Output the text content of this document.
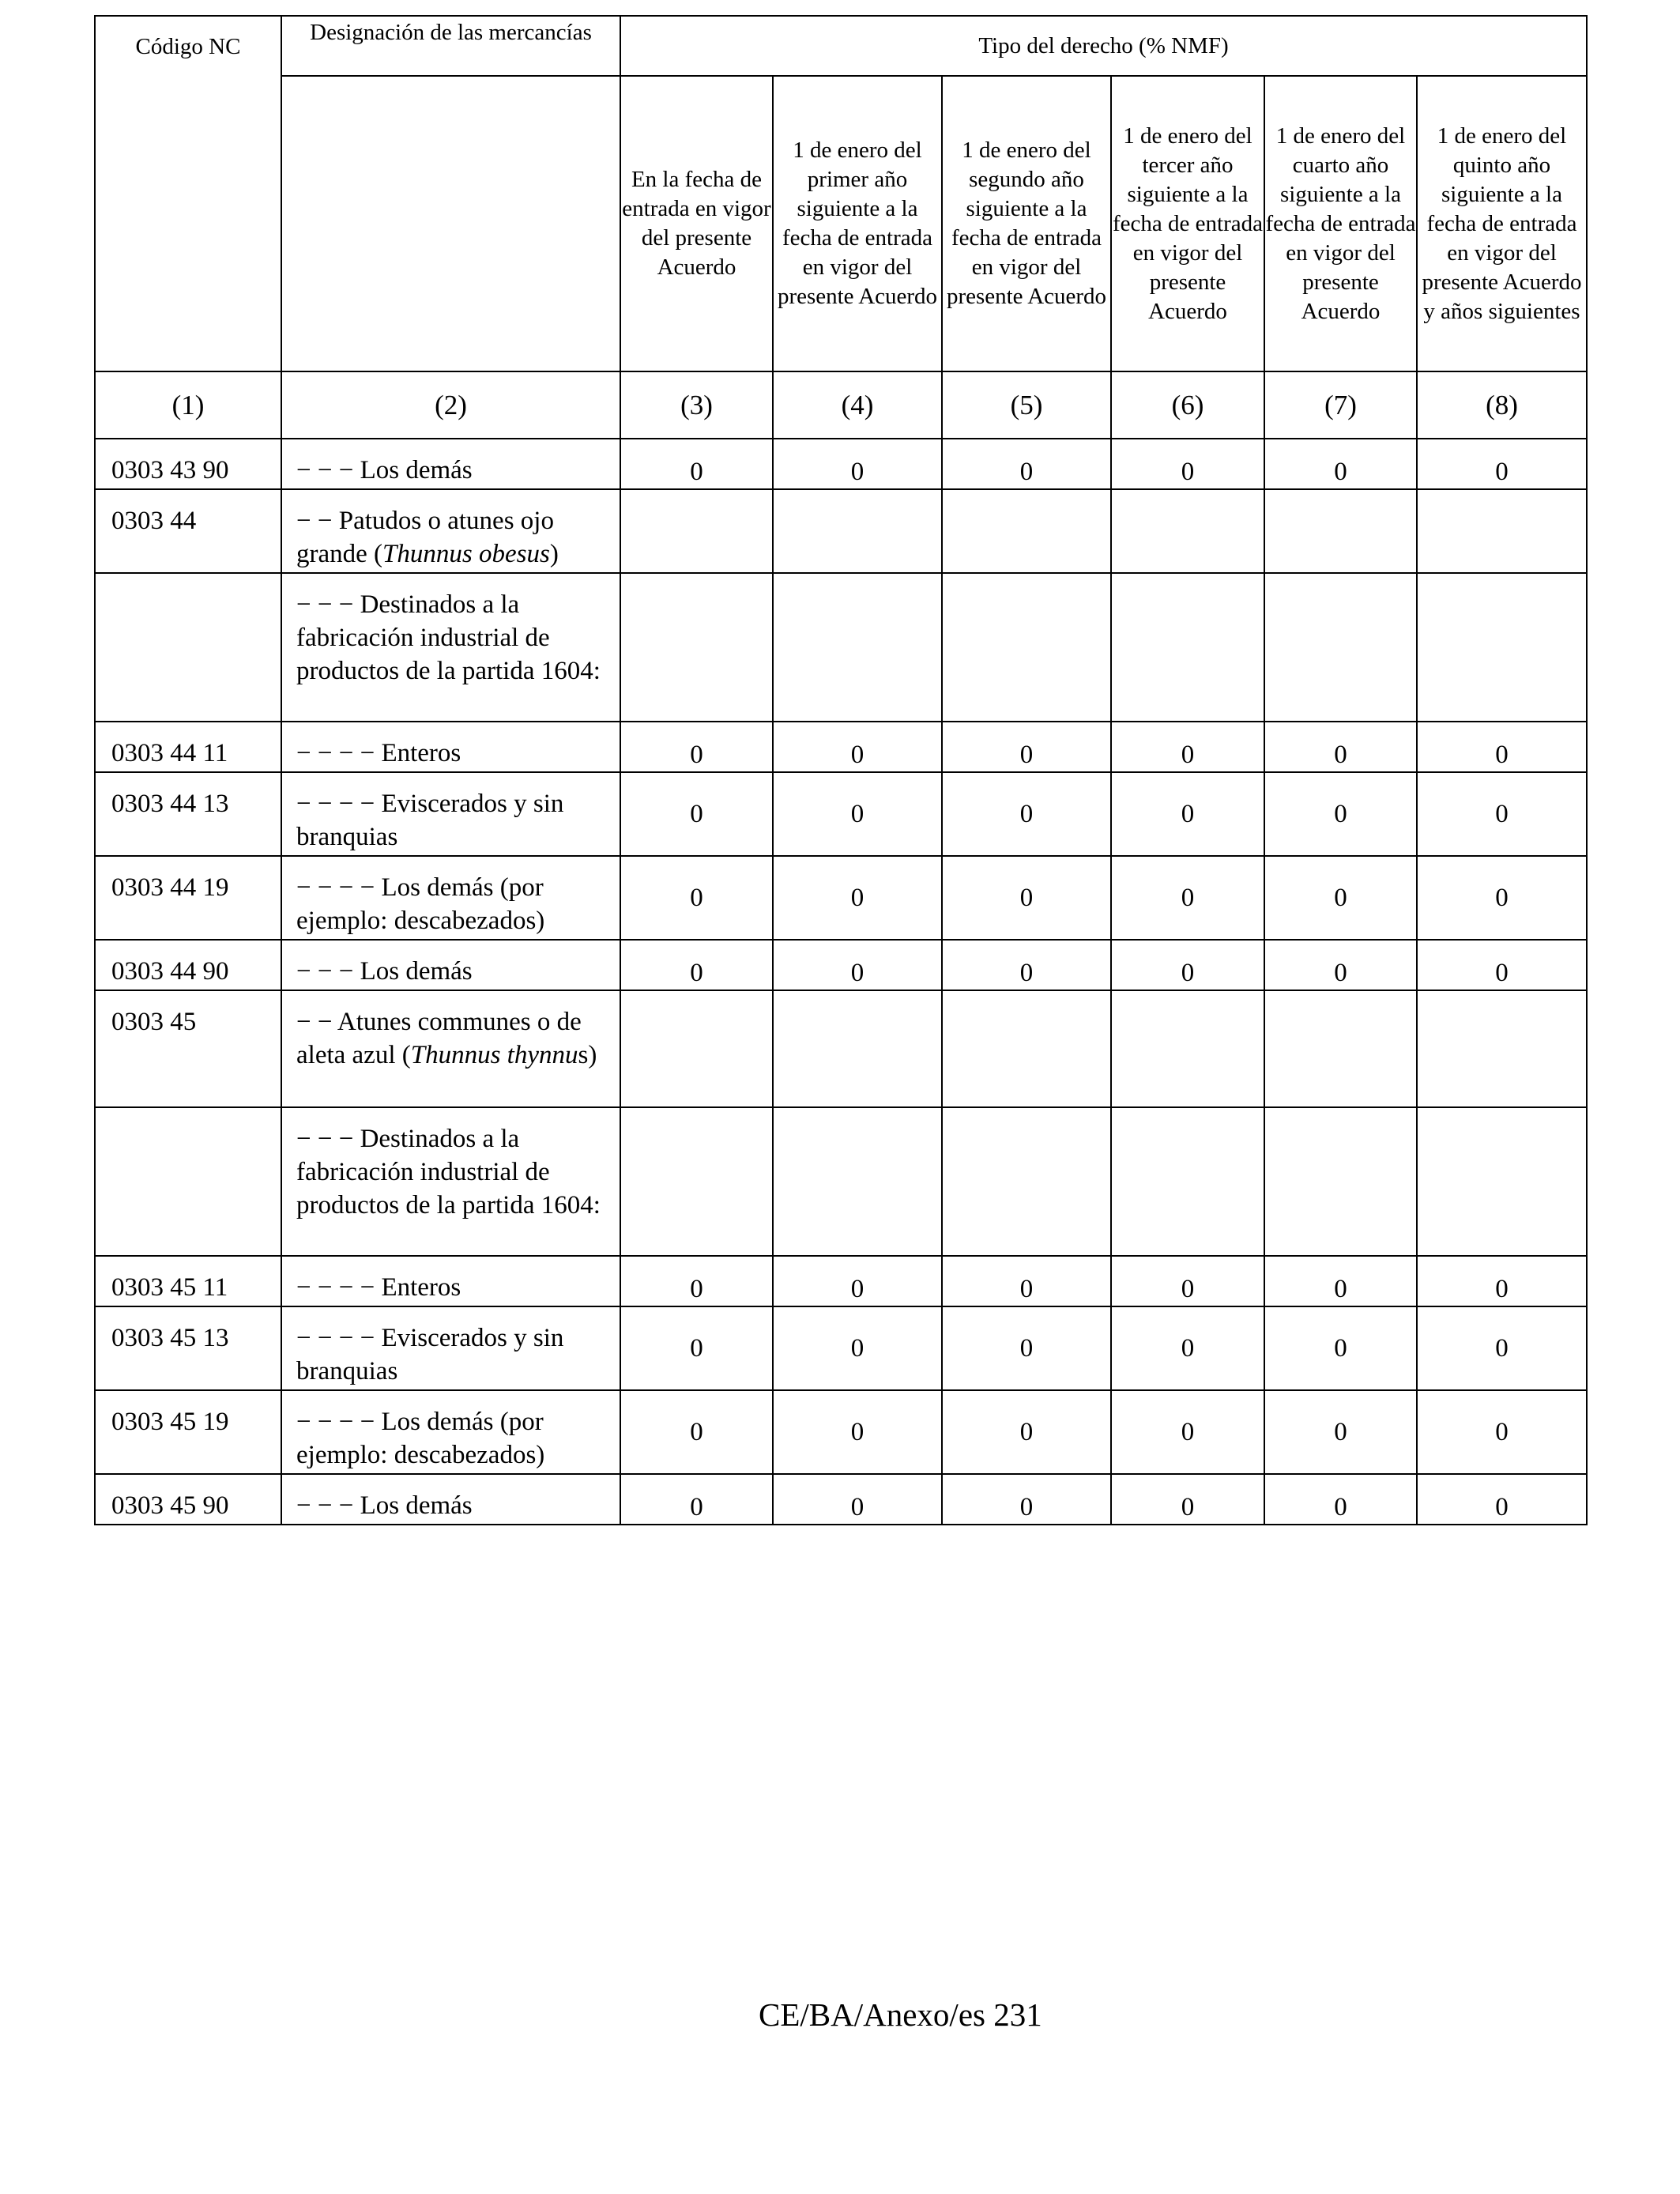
Código NC	Designación de las mercancías	Tipo del derecho (% NMF)					
		En la fecha de entrada en vigor del presente Acuerdo	1 de enero del primer año siguiente a la fecha de entrada en vigor del presente Acuerdo	1 de enero del segundo año siguiente a la fecha de entrada en vigor del presente Acuerdo	1 de enero del tercer año siguiente a la fecha de entrada en vigor del presente Acuerdo	1 de enero del cuarto año siguiente a la fecha de entrada en vigor del presente Acuerdo	1 de enero del quinto año siguiente a la fecha de entrada en vigor del presente Acuerdo y años siguientes
(1)	(2)	(3)	(4)	(5)	(6)	(7)	(8)
0303 43 90	− − − Los demás	0	0	0	0	0	0
0303 44	− − Patudos o atunes ojo grande (Thunnus obesus)						
	− − − Destinados a la fabricación industrial de productos de la partida 1604:						
0303 44 11	− − − − Enteros	0	0	0	0	0	0
0303 44 13	− − − − Eviscerados y sin branquias	0	0	0	0	0	0
0303 44 19	− − − − Los demás (por ejemplo: descabezados)	0	0	0	0	0	0
0303 44 90	− − − Los demás	0	0	0	0	0	0
0303 45	− − Atunes communes o de aleta azul (Thunnus thynnus)						
	− − − Destinados a la fabricación industrial de productos de la partida 1604:						
0303 45 11	− − − − Enteros	0	0	0	0	0	0
0303 45 13	− − − − Eviscerados y sin branquias	0	0	0	0	0	0
0303 45 19	− − − − Los demás (por ejemplo: descabezados)	0	0	0	0	0	0
0303 45 90	− − − Los demás	0	0	0	0	0	0
CE/BA/Anexo/es 231
